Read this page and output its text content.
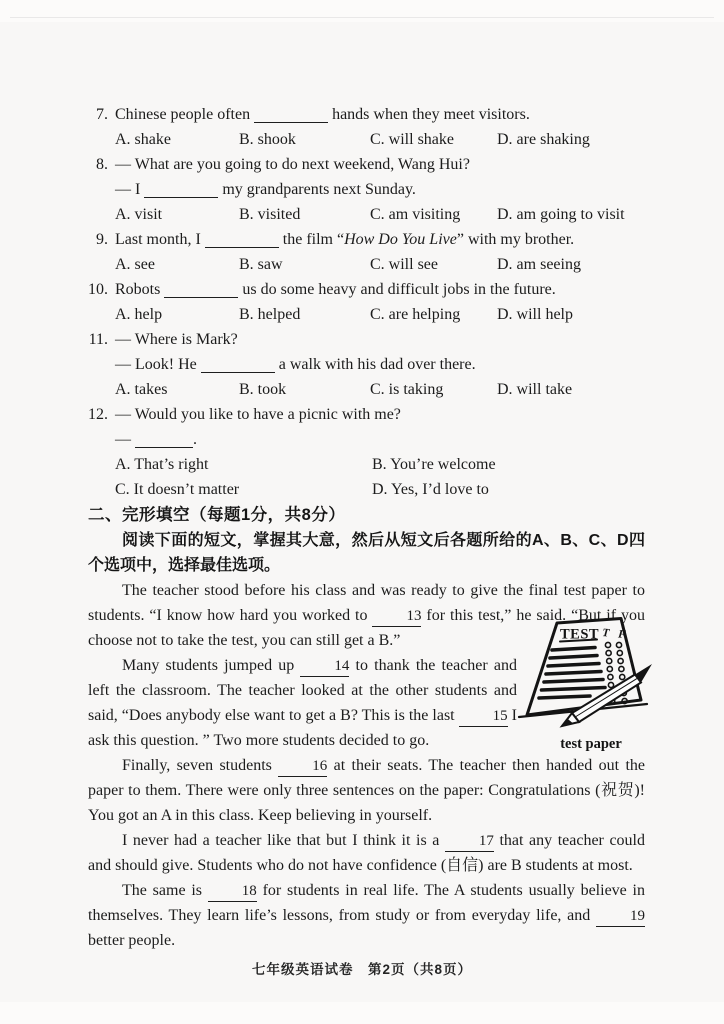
7. Chinese people often	hands when they meet visitors.
A. shake	B. shook	C. will shake	D. are shaking
8. — What are you going to do next weekend, Wang Hui?
— I	my grandparents next Sunday.
A. visit	B. visited	C. am visiting	D. am going to visit
9. Last month, I	the film “How Do You Live” with my brother.
A. see	B. saw	C. will see	D. am seeing
10. Robots	us do some heavy and difficult jobs in the future.
A. help	B. helped	C. are helping	D. will help
11. — Where is Mark?
— Look! He	a walk with his dad over there.
A. takes	B. took	C. is taking	D. will take
12. — Would you like to have a picnic with me?
—	.
A. That’s right	B. You’re welcome
C. It doesn’t matter	D. Yes, I’d love to
二、完形填空（每题1分，共8分）

阅读下面的短文，掌握其大意，然后从短文后各题所给的A、B、C、D四个选项中，选择最佳选项。

The teacher stood before his class and was ready to give the final test paper to students. “I know how hard you worked to 13 for this test,” he said. “But if you choose not to take the test, you can still get a B.”

Many students jumped up 14 to thank the teacher and left the classroom. The teacher looked at the other students and said, “Does anybody else want to get a B? This is the last 15 I ask this question. ” Two more students decided to go.

Finally, seven students 16 at their seats. The teacher then handed out the paper to them. There were only three sentences on the paper: Congratulations (祝贺)! You got an A in this class. Keep believing in yourself.

I never had a teacher like that but I think it is a 17 that any teacher could and should give. Students who do not have confidence (自信) are B students at most.

The same is 18 for students in real life. The A students usually believe in themselves. They learn life’s lessons, from study or from everyday life, and 19 better people.

TEST T F
test paper
七年级英语试卷　第2页（共8页）
